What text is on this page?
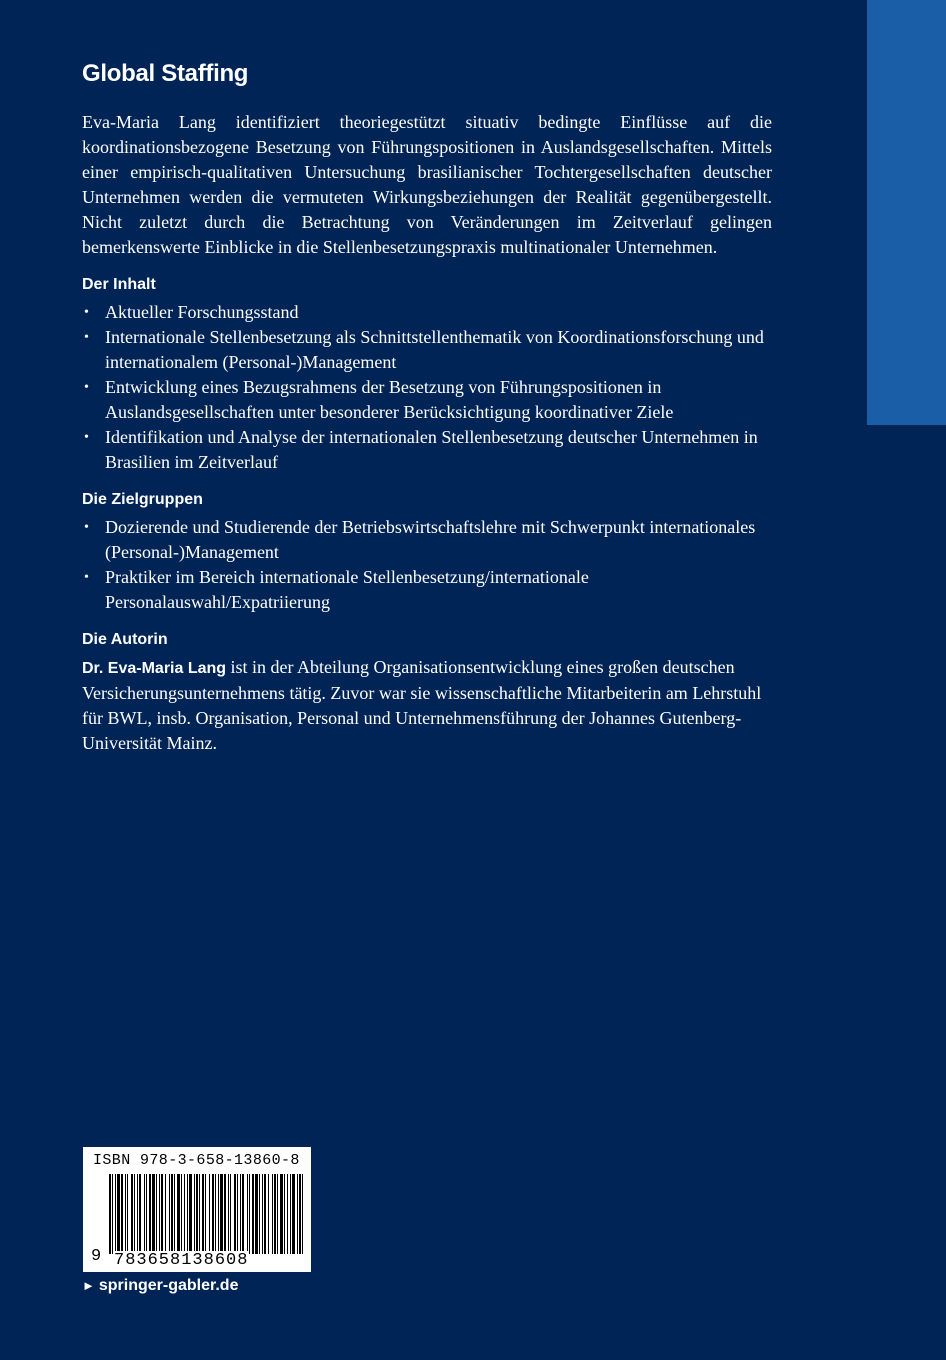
Global Staffing

Eva-Maria Lang identifiziert theoriegestützt situativ bedingte Einflüsse auf die koordinationsbezogene Besetzung von Führungspositionen in Auslandsgesellschaften. Mittels einer empirisch-qualitativen Untersuchung brasilianischer Tochtergesellschaften deutscher Unternehmen werden die vermuteten Wirkungsbeziehungen der Realität gegenübergestellt. Nicht zuletzt durch die Betrachtung von Veränderungen im Zeitverlauf gelingen bemerkenswerte Einblicke in die Stellenbesetzungspraxis multinationaler Unternehmen.

Der Inhalt
• Aktueller Forschungsstand
• Internationale Stellenbesetzung als Schnittstellenthematik von Koordinationsforschung und internationalem (Personal-)Management
• Entwicklung eines Bezugsrahmens der Besetzung von Führungspositionen in Auslandsgesellschaften unter besonderer Berücksichtigung koordinativer Ziele
• Identifikation und Analyse der internationalen Stellenbesetzung deutscher Unternehmen in Brasilien im Zeitverlauf
Die Zielgruppen
• Dozierende und Studierende der Betriebswirtschaftslehre mit Schwerpunkt internationales (Personal-)Management
• Praktiker im Bereich internationale Stellenbesetzung/internationale Personalauswahl/Expatriierung
Die Autorin

Dr. Eva-Maria Lang ist in der Abteilung Organisationsentwicklung eines großen deutschen Versicherungsunternehmens tätig. Zuvor war sie wissenschaftliche Mitarbeiterin am Lehrstuhl für BWL, insb. Organisation, Personal und Unternehmensführung der Johannes Gutenberg-Universität Mainz.

ISBN 978-3-658-13860-8
9 783658138608
► springer-gabler.de
